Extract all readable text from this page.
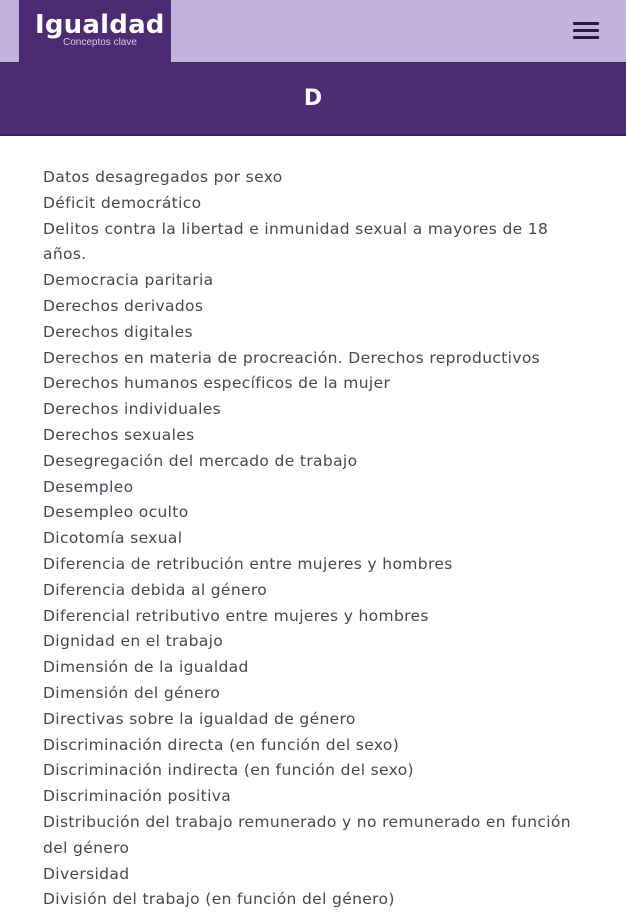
Igualdad
Conceptos clave
D
Datos desagregados por sexo
Déficit democrático
Delitos contra la libertad e inmunidad sexual a mayores de 18 años.
Democracia paritaria
Derechos derivados
Derechos digitales
Derechos en materia de procreación. Derechos reproductivos
Derechos humanos específicos de la mujer
Derechos individuales
Derechos sexuales
Desegregación del mercado de trabajo
Desempleo
Desempleo oculto
Dicotomía sexual
Diferencia de retribución entre mujeres y hombres
Diferencia debida al género
Diferencial retributivo entre mujeres y hombres
Dignidad en el trabajo
Dimensión de la igualdad
Dimensión del género
Directivas sobre la igualdad de género
Discriminación directa (en función del sexo)
Discriminación indirecta (en función del sexo)
Discriminación positiva
Distribución del trabajo remunerado y no remunerado en función del género
Diversidad
División del trabajo (en función del género)
